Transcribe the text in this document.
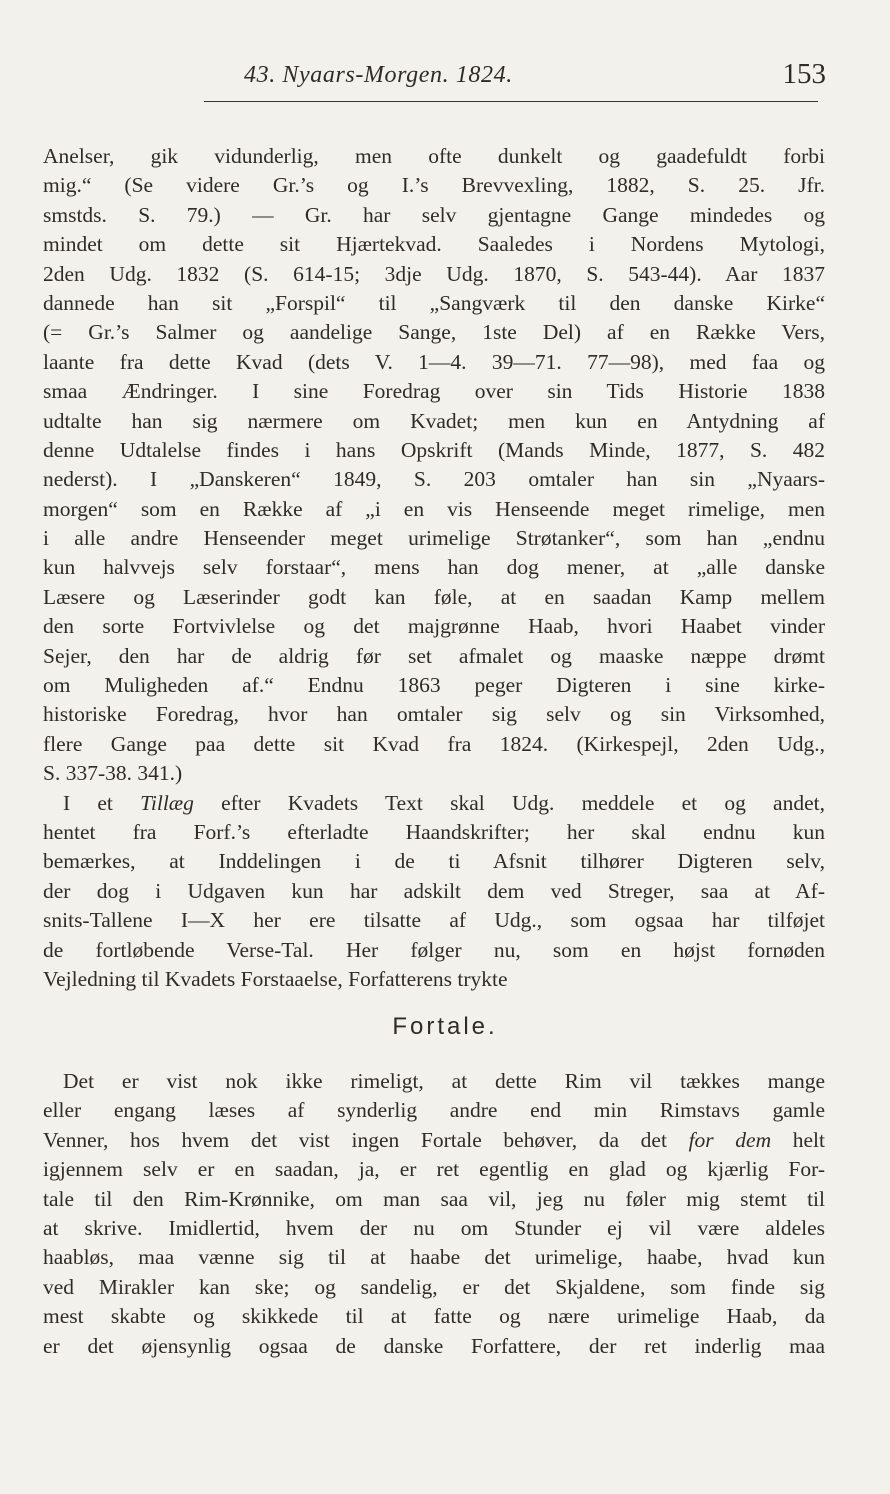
43. Nyaars-Morgen. 1824.	153
Anelser, gik vidunderlig, men ofte dunkelt og gaadefuldt forbi
mig.“ (Se videre Gr.’s og I.’s Brevvexling, 1882, S. 25. Jfr.
smstds. S. 79.) — Gr. har selv gjentagne Gange mindedes og
mindet om dette sit Hjærtekvad. Saaledes i Nordens Mytologi,
2den Udg. 1832 (S. 614-15; 3dje Udg. 1870, S. 543-44). Aar 1837
dannede han sit „Forspil“ til „Sangværk til den danske Kirke“
(= Gr.’s Salmer og aandelige Sange, 1ste Del) af en Række Vers,
laante fra dette Kvad (dets V. 1—4. 39—71. 77—98), med faa og
smaa Ændringer. I sine Foredrag over sin Tids Historie 1838
udtalte han sig nærmere om Kvadet; men kun en Antydning af
denne Udtalelse findes i hans Opskrift (Mands Minde, 1877, S. 482
nederst). I „Danskeren“ 1849, S. 203 omtaler han sin „Nyaars-
morgen“ som en Række af „i en vis Henseende meget rimelige, men
i alle andre Henseender meget urimelige Strøtanker“, som han „endnu
kun halvvejs selv forstaar“, mens han dog mener, at „alle danske
Læsere og Læserinder godt kan føle, at en saadan Kamp mellem
den sorte Fortvivlelse og det majgrønne Haab, hvori Haabet vinder
Sejer, den har de aldrig før set afmalet og maaske næppe drømt
om Muligheden af.“ Endnu 1863 peger Digteren i sine kirke-
historiske Foredrag, hvor han omtaler sig selv og sin Virksomhed,
flere Gange paa dette sit Kvad fra 1824. (Kirkespejl, 2den Udg.,
S. 337-38. 341.)
I et Tillæg efter Kvadets Text skal Udg. meddele et og andet,
hentet fra Forf.’s efterladte Haandskrifter; her skal endnu kun
bemærkes, at Inddelingen i de ti Afsnit tilhører Digteren selv,
der dog i Udgaven kun har adskilt dem ved Streger, saa at Af-
snits-Tallene I—X her ere tilsatte af Udg., som ogsaa har tilføjet
de fortløbende Verse-Tal. Her følger nu, som en højst fornøden
Vejledning til Kvadets Forstaaelse, Forfatterens trykte
Fortale.
Det er vist nok ikke rimeligt, at dette Rim vil tækkes mange
eller engang læses af synderlig andre end min Rimstavs gamle
Venner, hos hvem det vist ingen Fortale behøver, da det for dem helt
igjennem selv er en saadan, ja, er ret egentlig en glad og kjærlig For-
tale til den Rim-Krønnike, om man saa vil, jeg nu føler mig stemt til
at skrive. Imidlertid, hvem der nu om Stunder ej vil være aldeles
haabløs, maa vænne sig til at haabe det urimelige, haabe, hvad kun
ved Mirakler kan ske; og sandelig, er det Skjaldene, som finde sig
mest skabte og skikkede til at fatte og nære urimelige Haab, da
er det øjensynlig ogsaa de danske Forfattere, der ret inderlig maa
